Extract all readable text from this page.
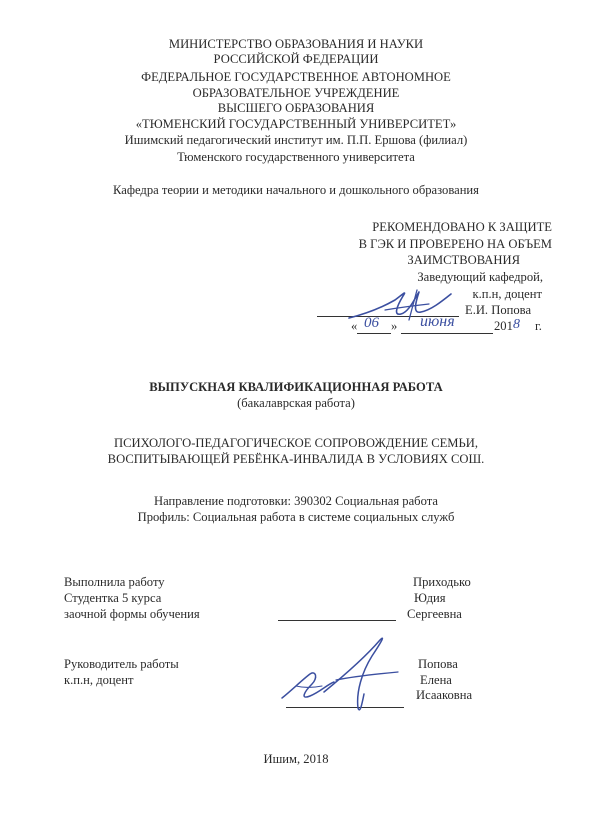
МИНИСТЕРСТВО ОБРАЗОВАНИЯ И НАУКИ
РОССИЙСКОЙ ФЕДЕРАЦИИ
ФЕДЕРАЛЬНОЕ ГОСУДАРСТВЕННОЕ АВТОНОМНОЕ
ОБРАЗОВАТЕЛЬНОЕ УЧРЕЖДЕНИЕ
ВЫСШЕГО ОБРАЗОВАНИЯ
«ТЮМЕНСКИЙ ГОСУДАРСТВЕННЫЙ УНИВЕРСИТЕТ»
Ишимский педагогический институт им. П.П. Ершова (филиал)
Тюменского государственного университета
Кафедра теории и методики начального и дошкольного образования
РЕКОМЕНДОВАНО К ЗАЩИТЕ
В ГЭК И ПРОВЕРЕНО НА ОБЪЕМ
ЗАИМСТВОВАНИЯ
Заведующий кафедрой,
к.п.н, доцент
Е.И. Попова
« 06 » июня	201 8 г.
ВЫПУСКНАЯ КВАЛИФИКАЦИОННАЯ РАБОТА
(бакалаврская работа)
ПСИХОЛОГО-ПЕДАГОГИЧЕСКОЕ СОПРОВОЖДЕНИЕ СЕМЬИ,
ВОСПИТЫВАЮЩЕЙ РЕБЁНКА-ИНВАЛИДА В УСЛОВИЯХ СОШ.
Направление подготовки: 390302 Социальная работа
Профиль: Социальная работа в системе социальных служб
Выполнила работу
Студентка 5 курса
заочной формы обучения
Приходько
Юдия
Сергеевна
Руководитель работы
к.п.н, доцент
Попова
Елена
Исааковна
Ишим, 2018
